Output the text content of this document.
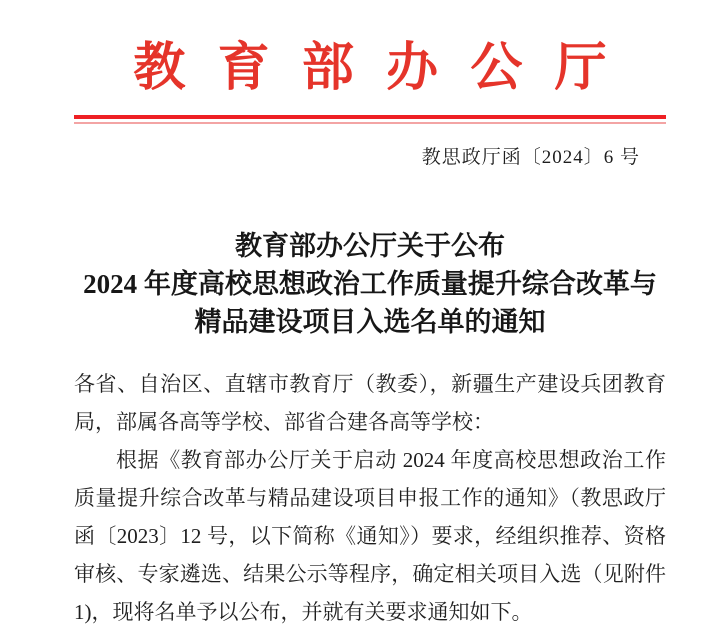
教育部办公厅
教思政厅函〔2024〕6 号
教育部办公厅关于公布
2024 年度高校思想政治工作质量提升综合改革与
精品建设项目入选名单的通知

各省、自治区、直辖市教育厅（教委），新疆生产建设兵团教育局，部属各高等学校、部省合建各高等学校：

根据《教育部办公厅关于启动 2024 年度高校思想政治工作质量提升综合改革与精品建设项目申报工作的通知》（教思政厅函〔2023〕12 号，以下简称《通知》）要求，经组织推荐、资格审核、专家遴选、结果公示等程序，确定相关项目入选（见附件1)，现将名单予以公布，并就有关要求通知如下。
